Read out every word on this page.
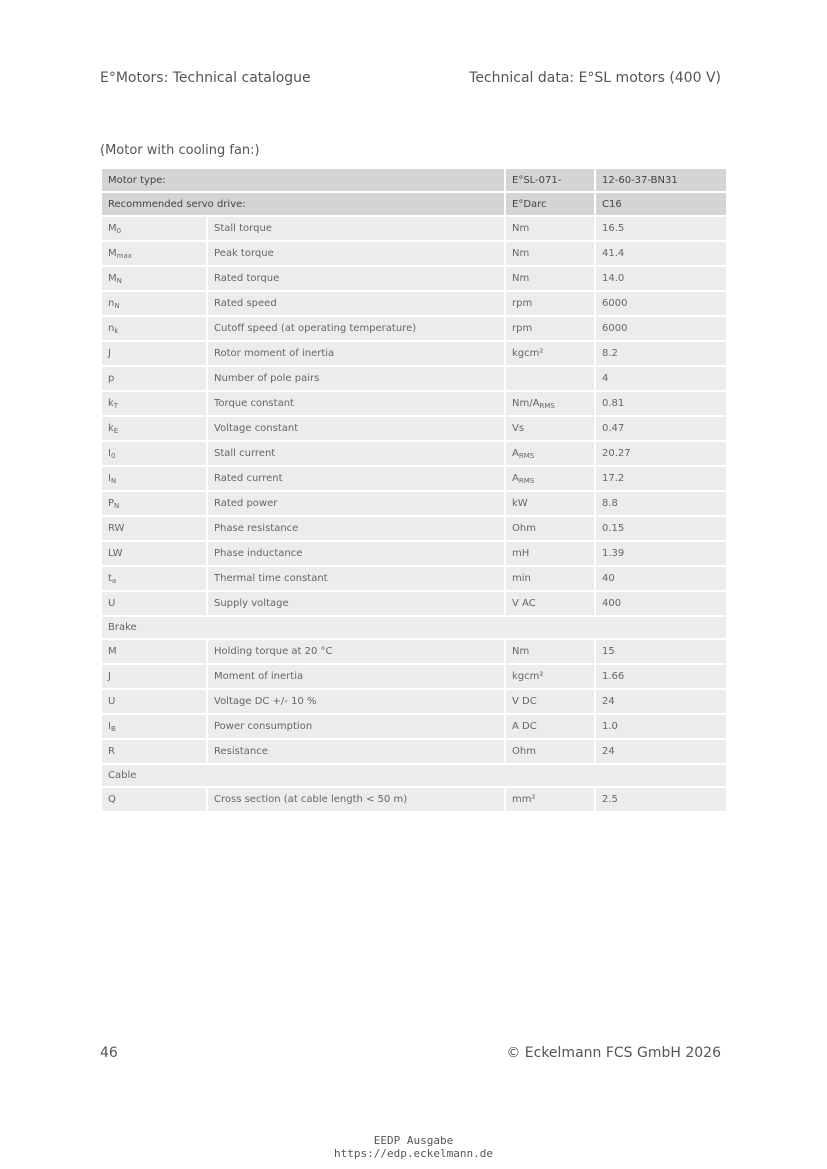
E°Motors: Technical catalogue	Technical data: E°SL motors (400 V)
(Motor with cooling fan:)
Motor type:		E°SL-071-	12-60-37-BN31
Recommended servo drive:		E°Darc	C16
$M_0$	Stall torque	Nm	16.5
$M_{max}$	Peak torque	Nm	41.4
$M_N$	Rated torque	Nm	14.0
$n_N$	Rated speed	rpm	6000
$n_k$	Cutoff speed (at operating temperature)	rpm	6000
J	Rotor moment of inertia	kgcm²	8.2
p	Number of pole pairs		4
$k_T$	Torque constant	$Nm/A_{RMS}$	0.81
$k_E$	Voltage constant	Vs	0.47
$I_0$	Stall current	$A_{RMS}$	20.27
$I_N$	Rated current	$A_{RMS}$	17.2
$P_N$	Rated power	kW	8.8
RW	Phase resistance	Ohm	0.15
LW	Phase inductance	mH	1.39
$t_a$	Thermal time constant	min	40
U	Supply voltage	V AC	400
Brake			
M	Holding torque at 20 °C	Nm	15
J	Moment of inertia	kgcm²	1.66
U	Voltage DC +/- 10 %	V DC	24
$I_B$	Power consumption	A DC	1.0
R	Resistance	Ohm	24
Cable			
Q	Cross section (at cable length < 50 m)	mm²	2.5
46	© Eckelmann FCS GmbH 2026
EEDP Ausgabe
https://edp.eckelmann.de
